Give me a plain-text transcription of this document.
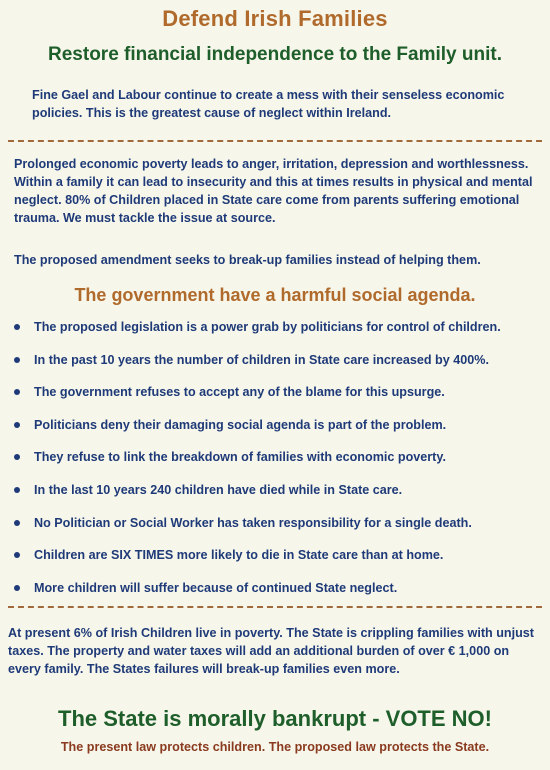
Defend Irish Families
Restore financial independence to the Family unit.
Fine Gael and Labour continue to create a mess with their senseless economic policies. This is the greatest cause of neglect within Ireland.
Prolonged economic poverty leads to anger, irritation, depression and worthlessness. Within a family it can lead to insecurity and this at times results in physical and mental neglect. 80% of Children placed in State care come from parents suffering emotional trauma. We must tackle the issue at source.
The proposed amendment seeks to break-up families instead of helping them.
The government have a harmful social agenda.
The proposed legislation is a power grab by politicians for control of children.
In the past 10 years the number of children in State care increased by 400%.
The government refuses to accept any of the blame for this upsurge.
Politicians deny their damaging social agenda is part of the problem.
They refuse to link the breakdown of families with economic poverty.
In the last 10 years 240 children have died while in State care.
No Politician or Social Worker has taken responsibility for a single death.
Children are SIX TIMES more likely to die in State care than at home.
More children will suffer because of continued State neglect.
At present 6% of Irish Children live in poverty. The State is crippling families with unjust taxes. The property and water taxes will add an additional burden of over € 1,000 on every family. The States failures will break-up families even more.
The State is morally bankrupt - VOTE NO!
The present law protects children. The proposed law protects the State.
